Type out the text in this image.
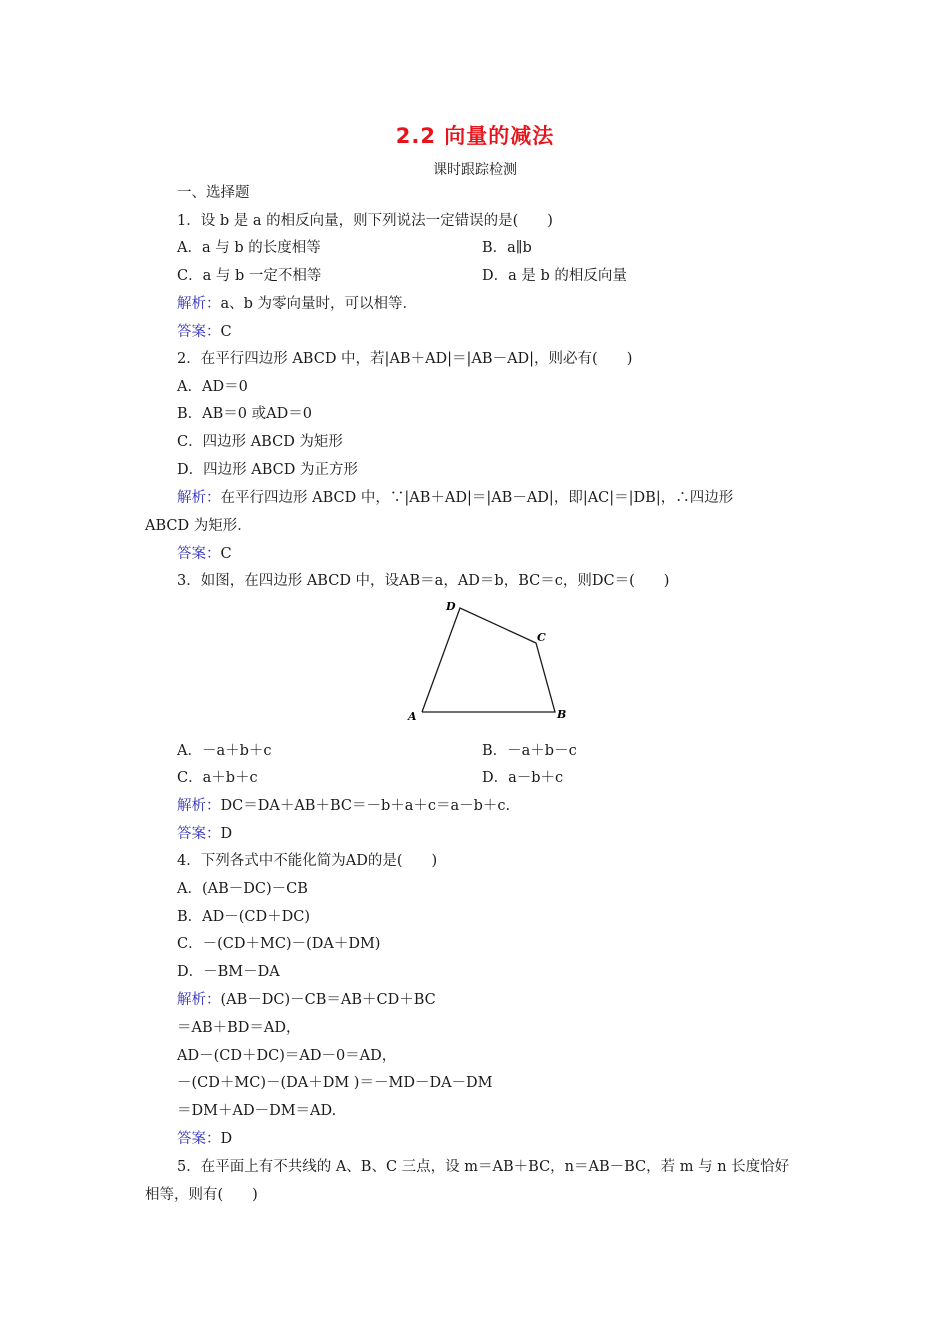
2.2 向量的减法
课时跟踪检测
一、选择题
1．设 b 是 a 的相反向量，则下列说法一定错误的是(　　)
A．a 与 b 的长度相等	B．a∥b
C．a 与 b 一定不相等	D．a 是 b 的相反向量
解析：a、b 为零向量时，可以相等．
答案：C
2．在平行四边形 ABCD 中，若|AB＋AD|＝|AB－AD|，则必有(　　)
A．AD＝0
B．AB＝0 或AD＝0
C．四边形 ABCD 为矩形
D．四边形 ABCD 为正方形
解析：在平行四边形 ABCD 中，∵|AB＋AD|＝|AB－AD|，即|AC|＝|DB|，∴四边形
ABCD 为矩形．
答案：C
3．如图，在四边形 ABCD 中，设AB＝a，AD＝b，BC＝c，则DC＝(　　)
D
C
A	B
A．－a＋b＋c	B．－a＋b－c
C．a＋b＋c	D．a－b＋c
解析：DC＝DA＋AB＋BC＝－b＋a＋c＝a－b＋c.
答案：D
4．下列各式中不能化简为AD的是(　　)
A．(AB－DC)－CB
B．AD－(CD＋DC)
C．－(CD＋MC)－(DA＋DM)
D．－BM－DA
解析：(AB－DC)－CB＝AB＋CD＋BC
＝AB＋BD＝AD，
AD－(CD＋DC)＝AD－0＝AD，
－(CD＋MC)－(DA＋DM )＝－MD－DA－DM
＝DM＋AD－DM＝AD.
答案：D
5．在平面上有不共线的 A、B、C 三点，设 m＝AB＋BC，n＝AB－BC，若 m 与 n 长度恰好
相等，则有(　　)
